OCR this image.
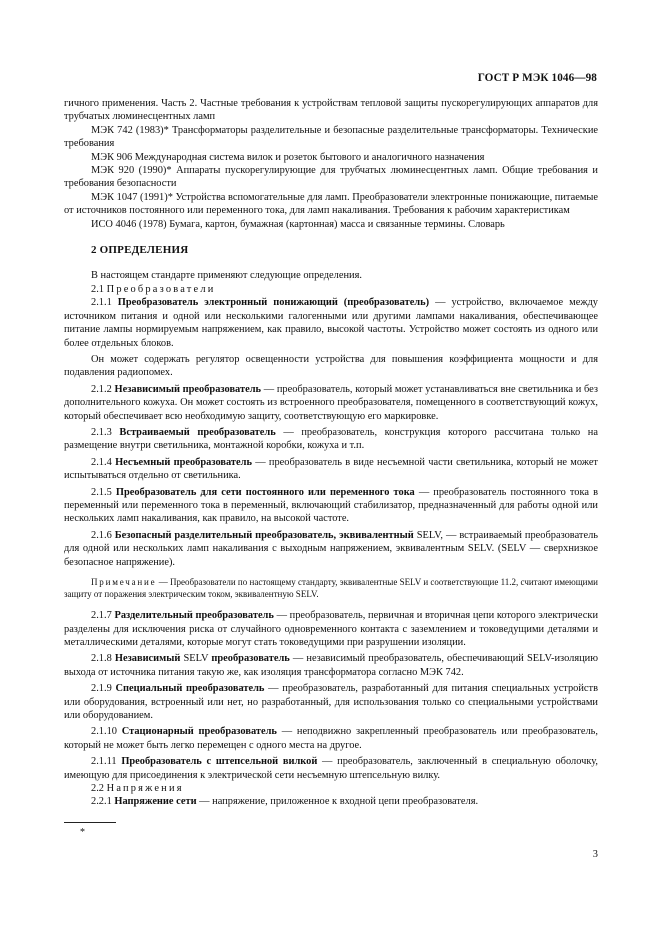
ГОСТ Р МЭК 1046—98

гичного применения. Часть 2. Частные требования к устройствам тепловой защиты пускорегулирующих аппаратов для трубчатых люминесцентных ламп

МЭК 742 (1983)* Трансформаторы разделительные и безопасные разделительные трансформаторы. Технические требования

МЭК 906 Международная система вилок и розеток бытового и аналогичного назначения

МЭК 920 (1990)* Аппараты пускорегулирующие для трубчатых люминесцентных ламп. Общие требования и требования безопасности

МЭК 1047 (1991)* Устройства вспомогательные для ламп. Преобразователи электронные понижающие, питаемые от источников постоянного или переменного тока, для ламп накаливания. Требования к рабочим характеристикам

ИСО 4046 (1978) Бумага, картон, бумажная (картонная) масса и связанные термины. Словарь

2 ОПРЕДЕЛЕНИЯ

В настоящем стандарте применяют следующие определения.

2.1 Преобразователи

2.1.1 Преобразователь электронный понижающий (преобразователь) — устройство, включаемое между источником питания и одной или несколькими галогенными или другими лампами накаливания, обеспечивающее питание лампы нормируемым напряжением, как правило, высокой частоты. Устройство может состоять из одного или более отдельных блоков.

Он может содержать регулятор освещенности устройства для повышения коэффициента мощности и для подавления радиопомех.

2.1.2 Независимый преобразователь — преобразователь, который может устанавливаться вне светильника и без дополнительного кожуха. Он может состоять из встроенного преобразователя, помещенного в соответствующий кожух, который обеспечивает всю необходимую защиту, соответствующую его маркировке.

2.1.3 Встраиваемый преобразователь — преобразователь, конструкция которого рассчитана только на размещение внутри светильника, монтажной коробки, кожуха и т.п.

2.1.4 Несъемный преобразователь — преобразователь в виде несъемной части светильника, который не может испытываться отдельно от светильника.

2.1.5 Преобразователь для сети постоянного или переменного тока — преобразователь постоянного тока в переменный или переменного тока в переменный, включающий стабилизатор, предназначенный для работы одной или нескольких ламп накаливания, как правило, на высокой частоте.

2.1.6 Безопасный разделительный преобразователь, эквивалентный SELV, — встраиваемый преобразователь для одной или нескольких ламп накаливания с выходным напряжением, эквивалентным SELV. (SELV — сверхнизкое безопасное напряжение).

Примечание — Преобразователи по настоящему стандарту, эквивалентные SELV и соответствующие 11.2, считают имеющими защиту от поражения электрическим током, эквивалентную SELV.

2.1.7 Разделительный преобразователь — преобразователь, первичная и вторичная цепи которого электрически разделены для исключения риска от случайного одновременного контакта с заземлением и токоведущими деталями и металлическими деталями, которые могут стать токоведущими при разрушении изоляции.

2.1.8 Независимый SELV преобразователь — независимый преобразователь, обеспечивающий SELV-изоляцию выхода от источника питания такую же, как изоляция трансформатора согласно МЭК 742.

2.1.9 Специальный преобразователь — преобразователь, разработанный для питания специальных устройств или оборудования, встроенный или нет, но разработанный, для использования только со специальными устройствами или оборудованием.

2.1.10 Стационарный преобразователь — неподвижно закрепленный преобразователь или преобразователь, который не может быть легко перемещен с одного места на другое.

2.1.11 Преобразователь с штепсельной вилкой — преобразователь, заключенный в специальную оболочку, имеющую для присоединения к электрической сети несъемную штепсельную вилку.

2.2 Напряжения

2.2.1 Напряжение сети — напряжение, приложенное к входной цепи преобразователя.

*
3
